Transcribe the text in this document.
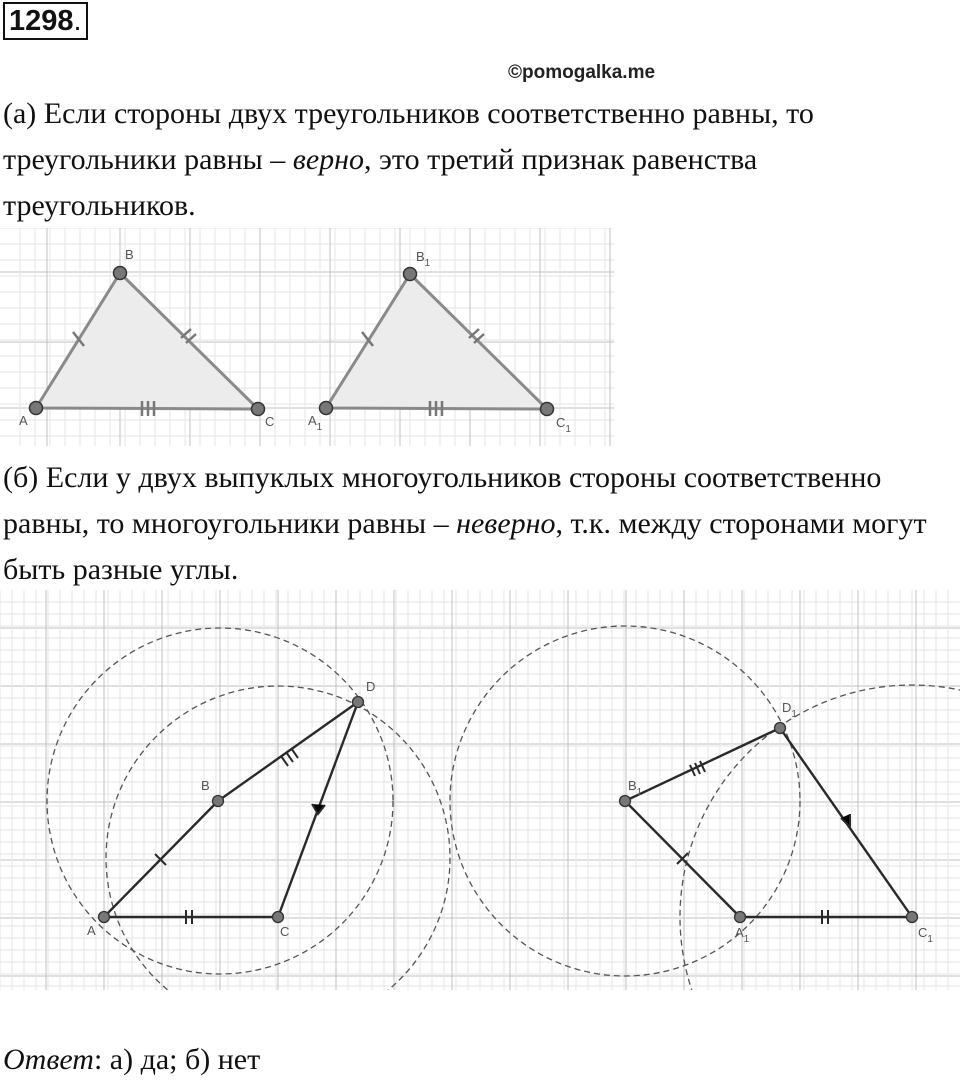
1298.
©pomogalka.me

(а) Если стороны двух треугольников соответственно равны, то треугольники равны – верно, это третий признак равенства треугольников.

A
B
C	$A_1$
$B_1$
$C_1$

(б) Если у двух выпуклых многоугольников стороны соответственно равны, то многоугольники равны – неверно, т.к. между сторонами могут быть разные углы.

A
B
C
D
$A_1$
$B_1$
$C_1$
$D_1$
Ответ: а) да; б) нет
